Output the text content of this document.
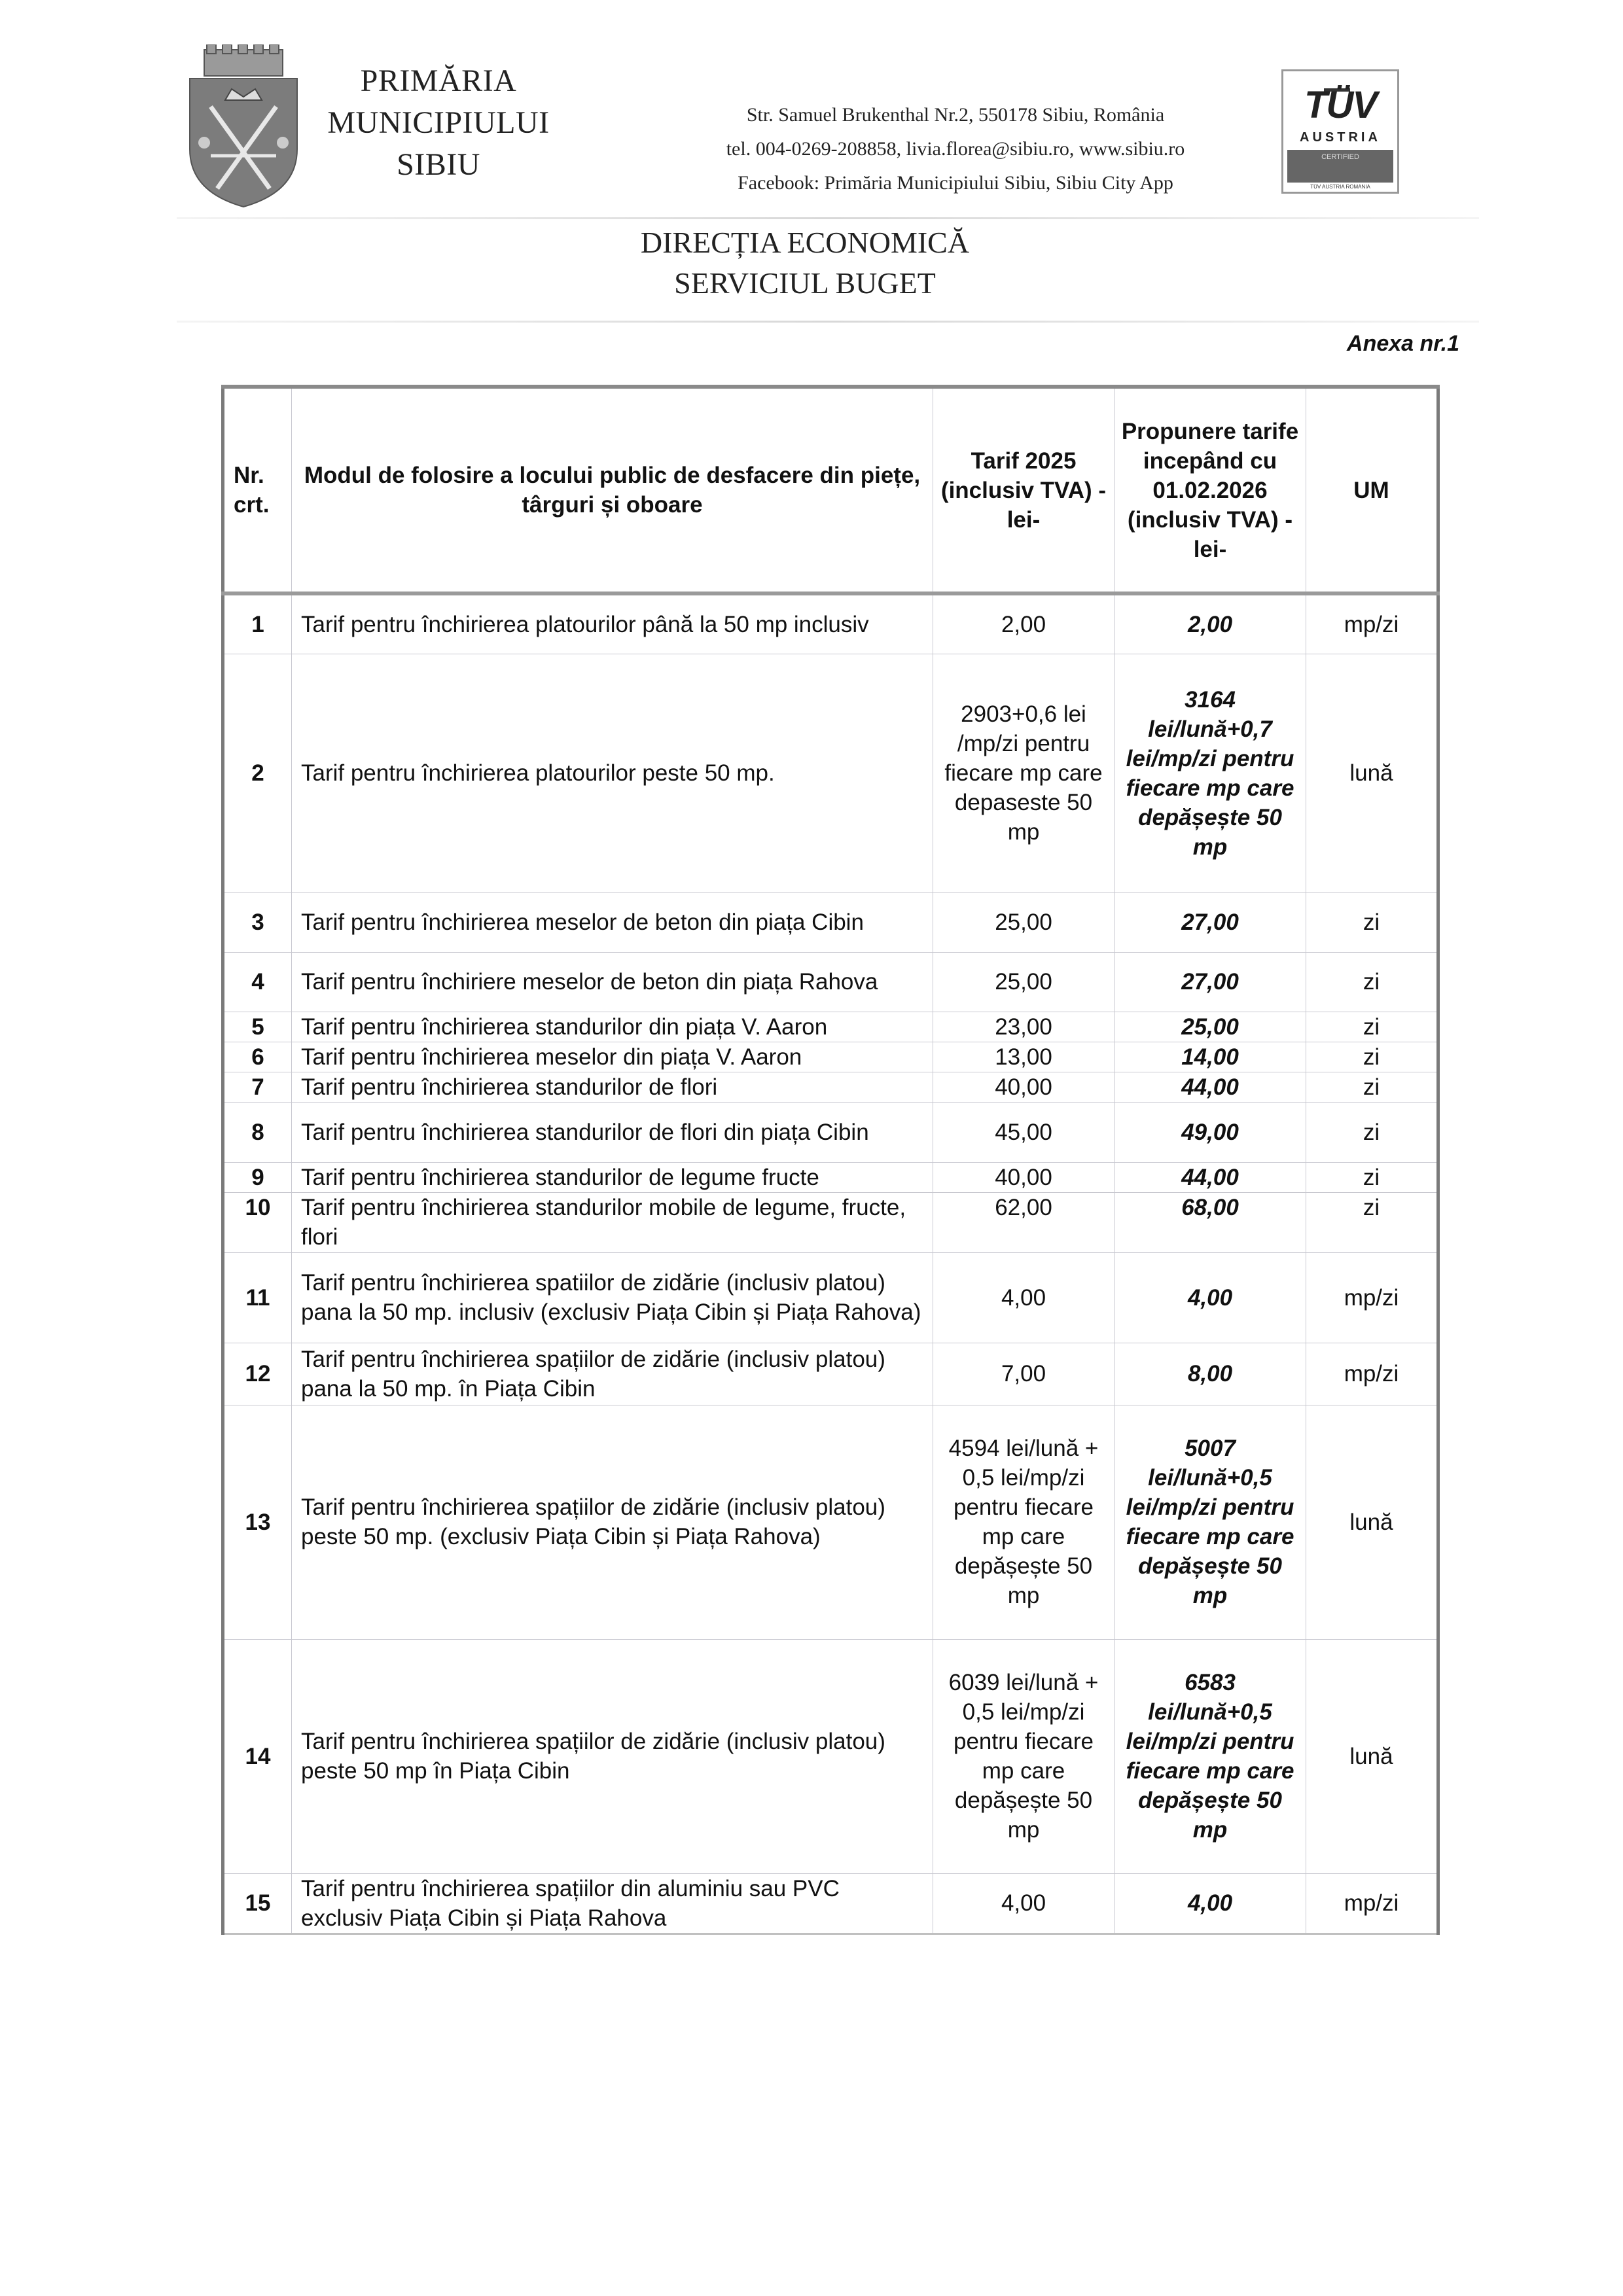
PRIMĂRIA
MUNICIPIULUI
SIBIU
Str. Samuel Brukenthal Nr.2, 550178 Sibiu, România
tel. 004-0269-208858, livia.florea@sibiu.ro, www.sibiu.ro
Facebook: Primăria Municipiului Sibiu, Sibiu City App
TÜV
AUSTRIA
CERTIFIED
TÜV AUSTRIA ROMANIA
DIRECȚIA ECONOMICĂ
SERVICIUL BUGET
Anexa nr.1
Nr. crt.	Modul de folosire a locului public de desfacere din piețe, târguri și oboare	Tarif 2025 (inclusiv TVA) -lei-	Propunere tarife incepând cu 01.02.2026 (inclusiv TVA) -lei-	UM
1	Tarif pentru închirierea platourilor până la 50 mp inclusiv	2,00	2,00	mp/zi
2	Tarif pentru închirierea platourilor peste 50 mp.	2903+0,6 lei /mp/zi pentru fiecare mp care depaseste 50 mp	3164 lei/lună+0,7 lei/mp/zi pentru fiecare mp care depășește 50 mp	lună
3	Tarif pentru închirierea meselor de beton din piața Cibin	25,00	27,00	zi
4	Tarif pentru închiriere meselor de beton din piața Rahova	25,00	27,00	zi
5	Tarif pentru închirierea standurilor din piața V. Aaron	23,00	25,00	zi
6	Tarif pentru închirierea meselor din piața V. Aaron	13,00	14,00	zi
7	Tarif pentru închirierea standurilor de flori	40,00	44,00	zi
8	Tarif pentru închirierea standurilor de flori din piața Cibin	45,00	49,00	zi
9	Tarif pentru închirierea standurilor de legume fructe	40,00	44,00	zi
10	Tarif pentru închirierea standurilor mobile de legume, fructe, flori	62,00	68,00	zi
11	Tarif pentru închirierea spatiilor de zidărie (inclusiv platou) pana la 50 mp. inclusiv (exclusiv Piața Cibin și Piața Rahova)	4,00	4,00	mp/zi
12	Tarif pentru închirierea spațiilor de zidărie (inclusiv platou) pana la 50 mp. în Piața Cibin	7,00	8,00	mp/zi
13	Tarif pentru închirierea spațiilor de zidărie (inclusiv platou) peste 50 mp. (exclusiv Piața Cibin și Piața Rahova)	4594 lei/lună + 0,5 lei/mp/zi pentru fiecare mp care depășește 50 mp	5007 lei/lună+0,5 lei/mp/zi pentru fiecare mp care depășește 50 mp	lună
14	Tarif pentru închirierea spațiilor de zidărie (inclusiv platou) peste 50 mp în Piața Cibin	6039 lei/lună + 0,5 lei/mp/zi pentru fiecare mp care depășește 50 mp	6583 lei/lună+0,5 lei/mp/zi pentru fiecare mp care depășește 50 mp	lună
15	Tarif pentru închirierea spațiilor din aluminiu sau PVC exclusiv Piața Cibin și Piața Rahova	4,00	4,00	mp/zi
